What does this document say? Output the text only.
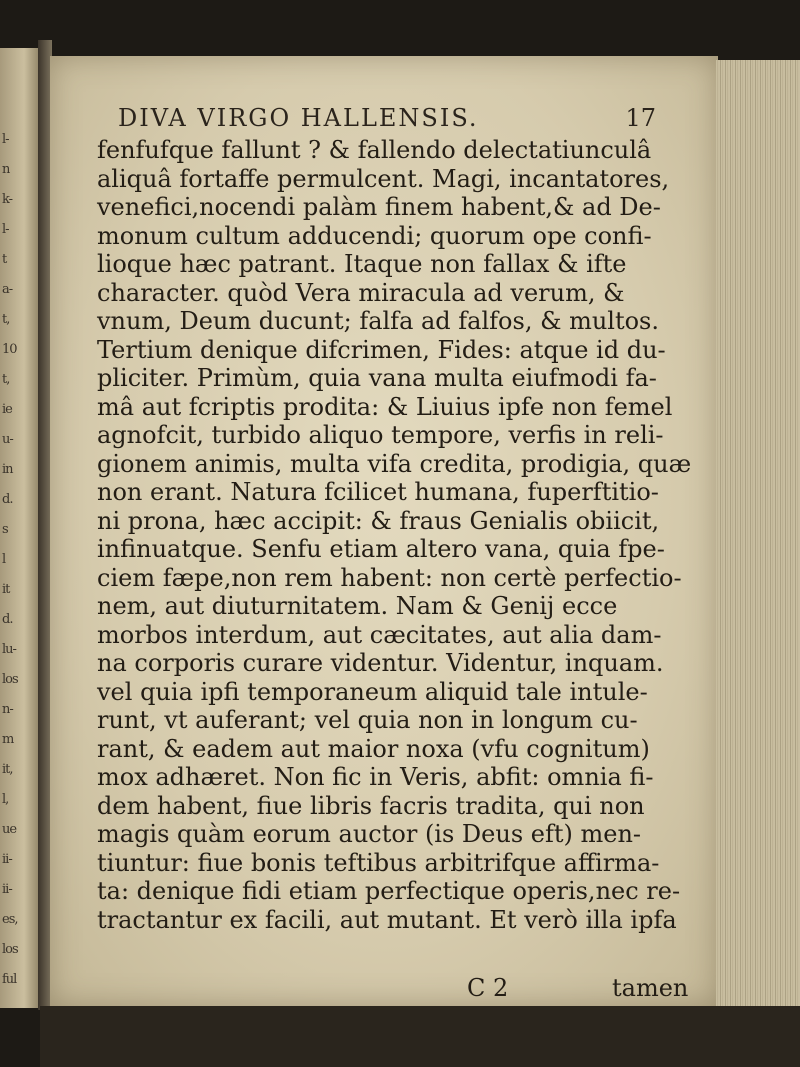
l-
n
k-
l-
t
a-
t,
10
t,
ie
u-
in
d.
s
l
it
d.
lu-
los
n-
m
it,
l,
ue
ii-
ii-
es,
los
ful
DIVA VIRGO HALLENSIS.	17
fenfufque fallunt ? & fallendo delectatiunculâ
aliquâ fortaffe permulcent. Magi, incantatores,
venefici,nocendi palàm finem habent,& ad De-
monum cultum adducendi; quorum ope confi-
lioque hæc patrant. Itaque non fallax & ifte
character. quòd Vera miracula ad verum, &
vnum, Deum ducunt; falfa ad falfos, & multos.
Tertium denique difcrimen, Fides: atque id du-
pliciter. Primùm, quia vana multa eiufmodi fa-
mâ aut fcriptis prodita: & Liuius ipfe non femel
agnofcit, turbido aliquo tempore, verfis in reli-
gionem animis, multa vifa credita, prodigia, quæ
non erant. Natura fcilicet humana, fuperftitio-
ni prona, hæc accipit: & fraus Genialis obiicit,
infinuatque. Senfu etiam altero vana, quia fpe-
ciem fæpe,non rem habent: non certè perfectio-
nem, aut diuturnitatem. Nam & Genij ecce
morbos interdum, aut cæcitates, aut alia dam-
na corporis curare videntur. Videntur, inquam.
vel quia ipfi temporaneum aliquid tale intule-
runt, vt auferant; vel quia non in longum cu-
rant, & eadem aut maior noxa (vfu cognitum)
mox adhæret. Non fic in Veris, abfit: omnia fi-
dem habent, fiue libris facris tradita, qui non
magis quàm eorum auctor (is Deus eft) men-
tiuntur: fiue bonis teftibus arbitrifque affirma-
ta: denique fidi etiam perfectique operis,nec re-
tractantur ex facili, aut mutant. Et verò illa ipfa
C 2	tamen
